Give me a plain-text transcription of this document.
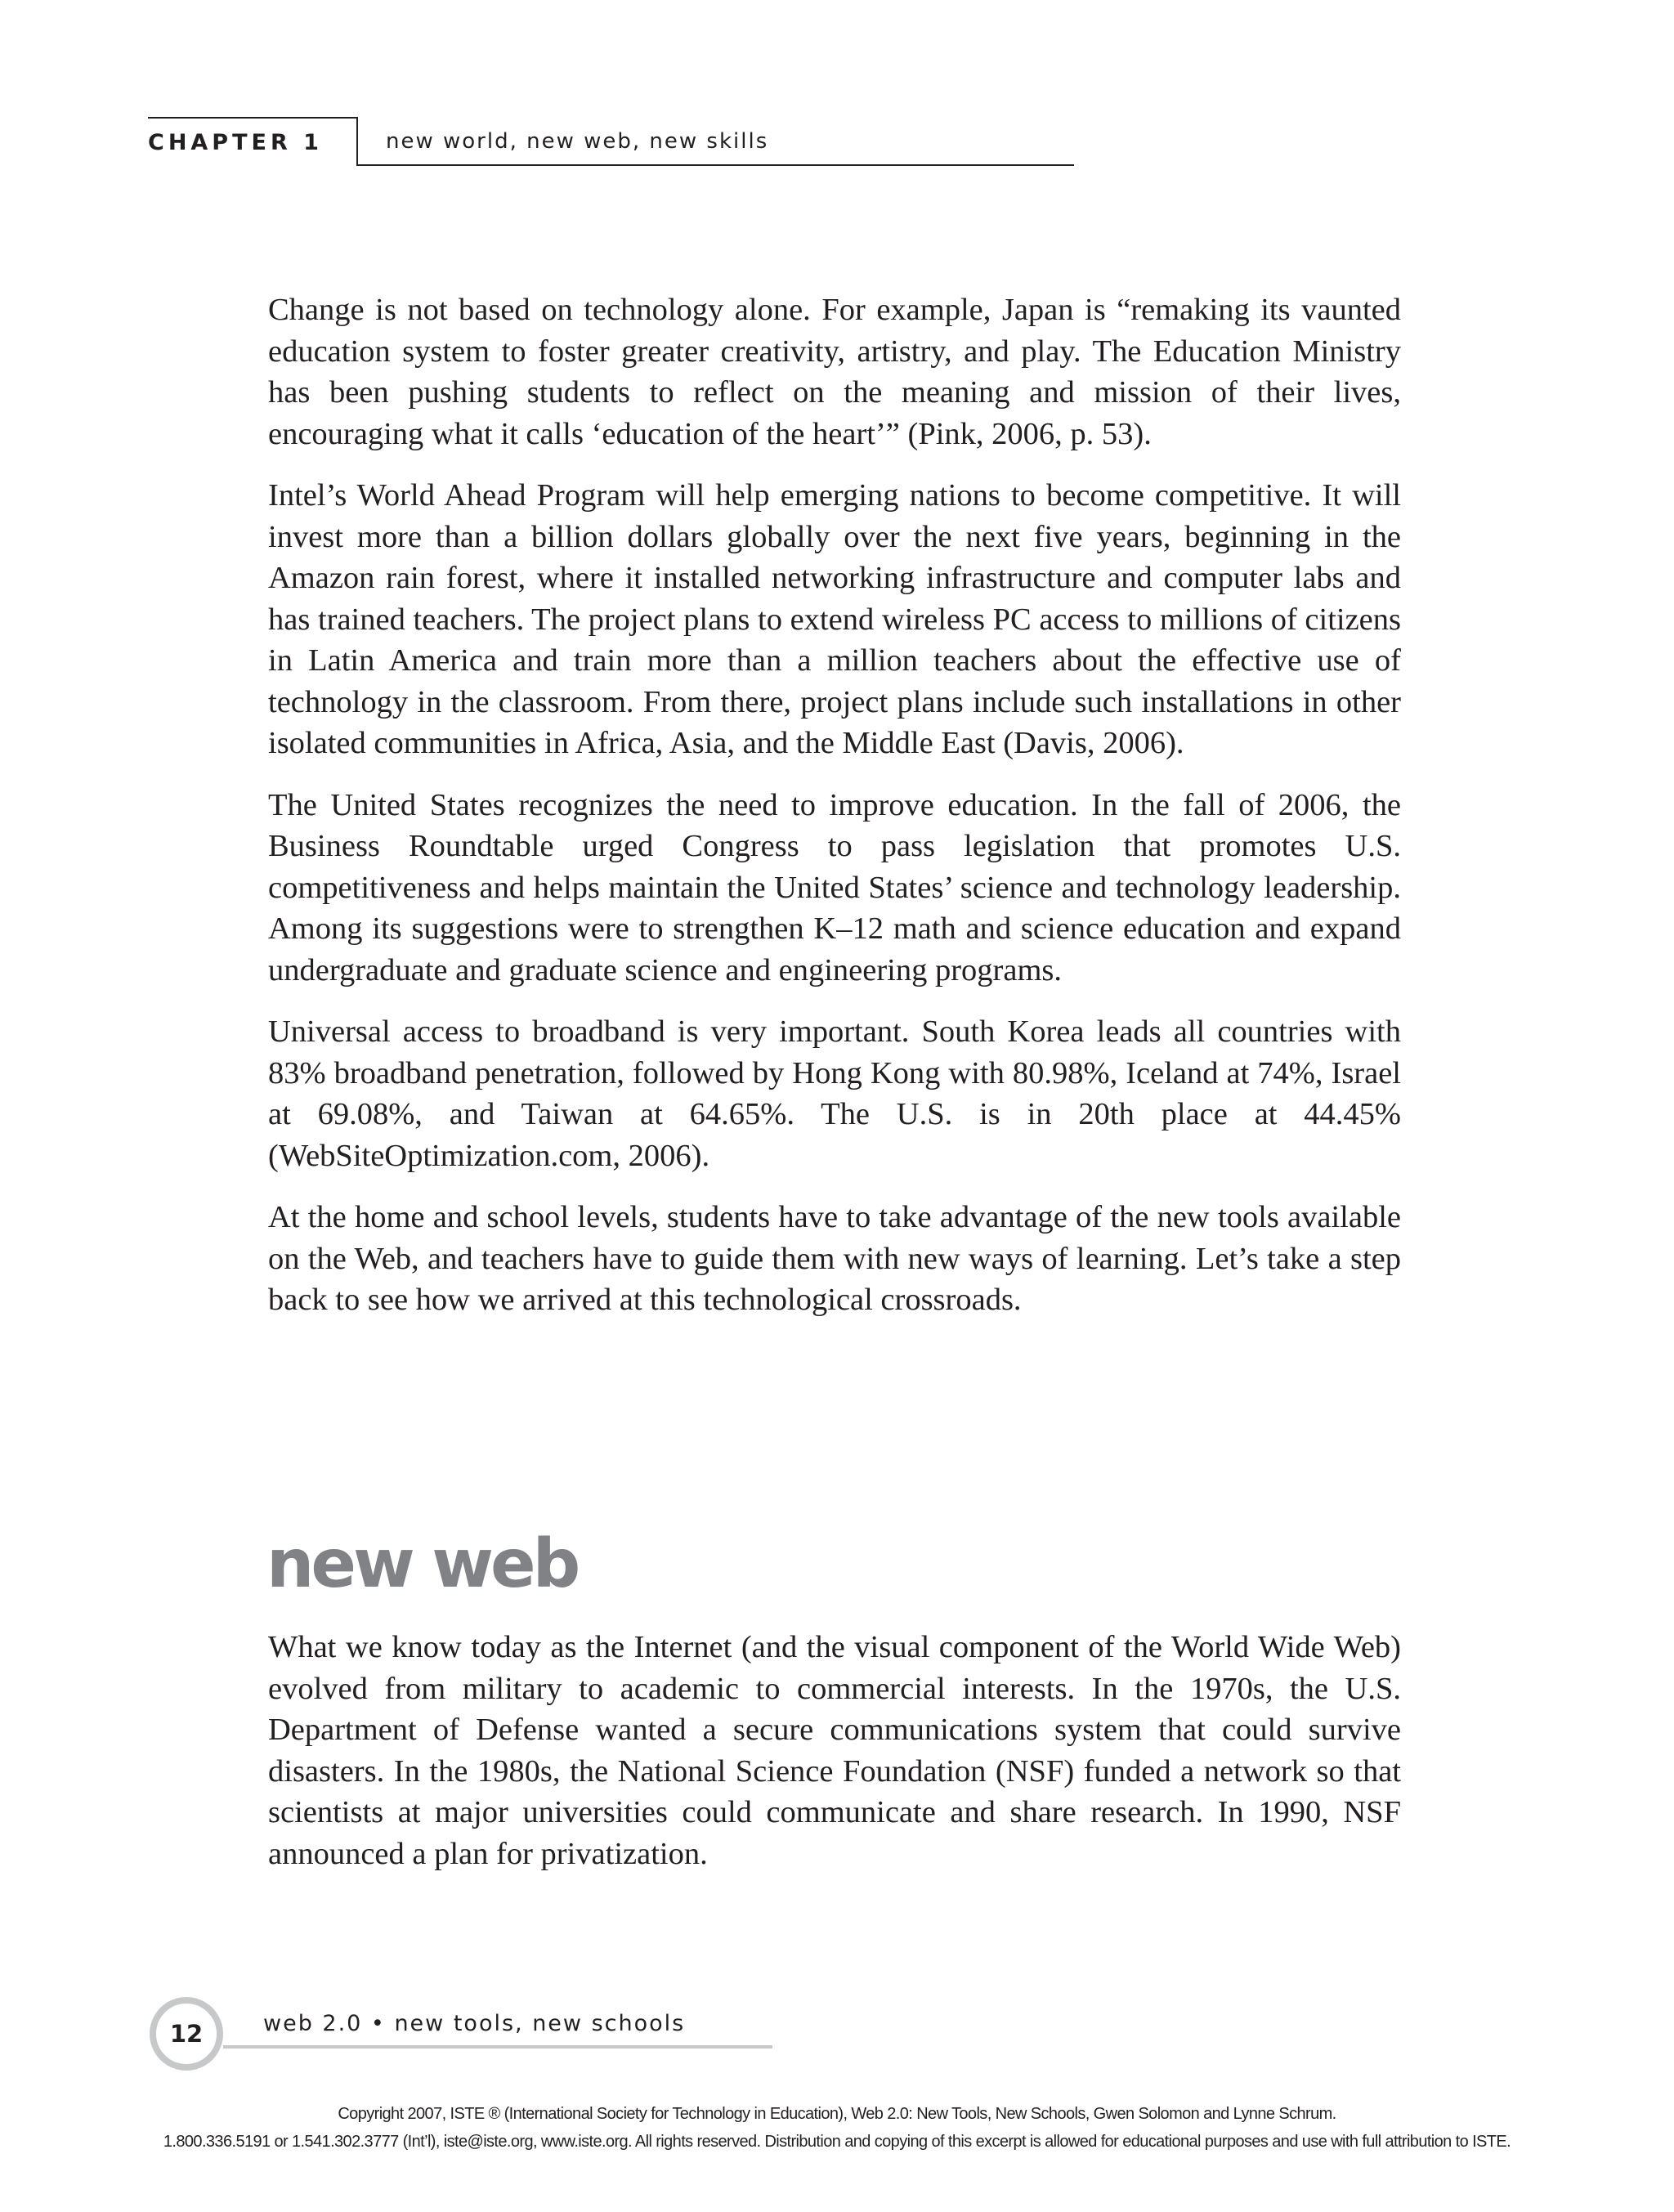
CHAPTER 1	new world, new web, new skills

Change is not based on technology alone. For example, Japan is “remaking its vaunted education system to foster greater creativity, artistry, and play. The Education Ministry has been pushing students to reflect on the meaning and mission of their lives, encouraging what it calls ‘education of the heart’” (Pink, 2006, p. 53).

Intel’s World Ahead Program will help emerging nations to become competitive. It will invest more than a billion dollars globally over the next five years, beginning in the Amazon rain forest, where it installed networking infrastructure and computer labs and has trained teachers. The project plans to extend wireless PC access to millions of citizens in Latin America and train more than a million teachers about the effective use of technology in the classroom. From there, project plans include such installations in other isolated communities in Africa, Asia, and the Middle East (Davis, 2006).

The United States recognizes the need to improve education. In the fall of 2006, the Business Roundtable urged Congress to pass legislation that promotes U.S. competitiveness and helps maintain the United States’ science and technology leadership. Among its suggestions were to strengthen K–12 math and science education and expand undergraduate and graduate science and engineering programs.

Universal access to broadband is very important. South Korea leads all countries with 83% broadband penetration, followed by Hong Kong with 80.98%, Iceland at 74%, Israel at 69.08%, and Taiwan at 64.65%. The U.S. is in 20th place at 44.45% (WebSiteOptimization.com, 2006).

At the home and school levels, students have to take advantage of the new tools available on the Web, and teachers have to guide them with new ways of learning. Let’s take a step back to see how we arrived at this technological crossroads.

new web

What we know today as the Internet (and the visual component of the World Wide Web) evolved from military to academic to commercial interests. In the 1970s, the U.S. Department of Defense wanted a secure communications system that could survive disasters. In the 1980s, the National Science Foundation (NSF) funded a network so that scientists at major universities could communicate and share research. In 1990, NSF announced a plan for privatization.

12	web 2.0 • new tools, new schools
Copyright 2007, ISTE ® (International Society for Technology in Education), Web 2.0: New Tools, New Schools, Gwen Solomon and Lynne Schrum.
1.800.336.5191 or 1.541.302.3777 (Int’l), iste@iste.org, www.iste.org. All rights reserved. Distribution and copying of this excerpt is allowed for educational purposes and use with full attribution to ISTE.
